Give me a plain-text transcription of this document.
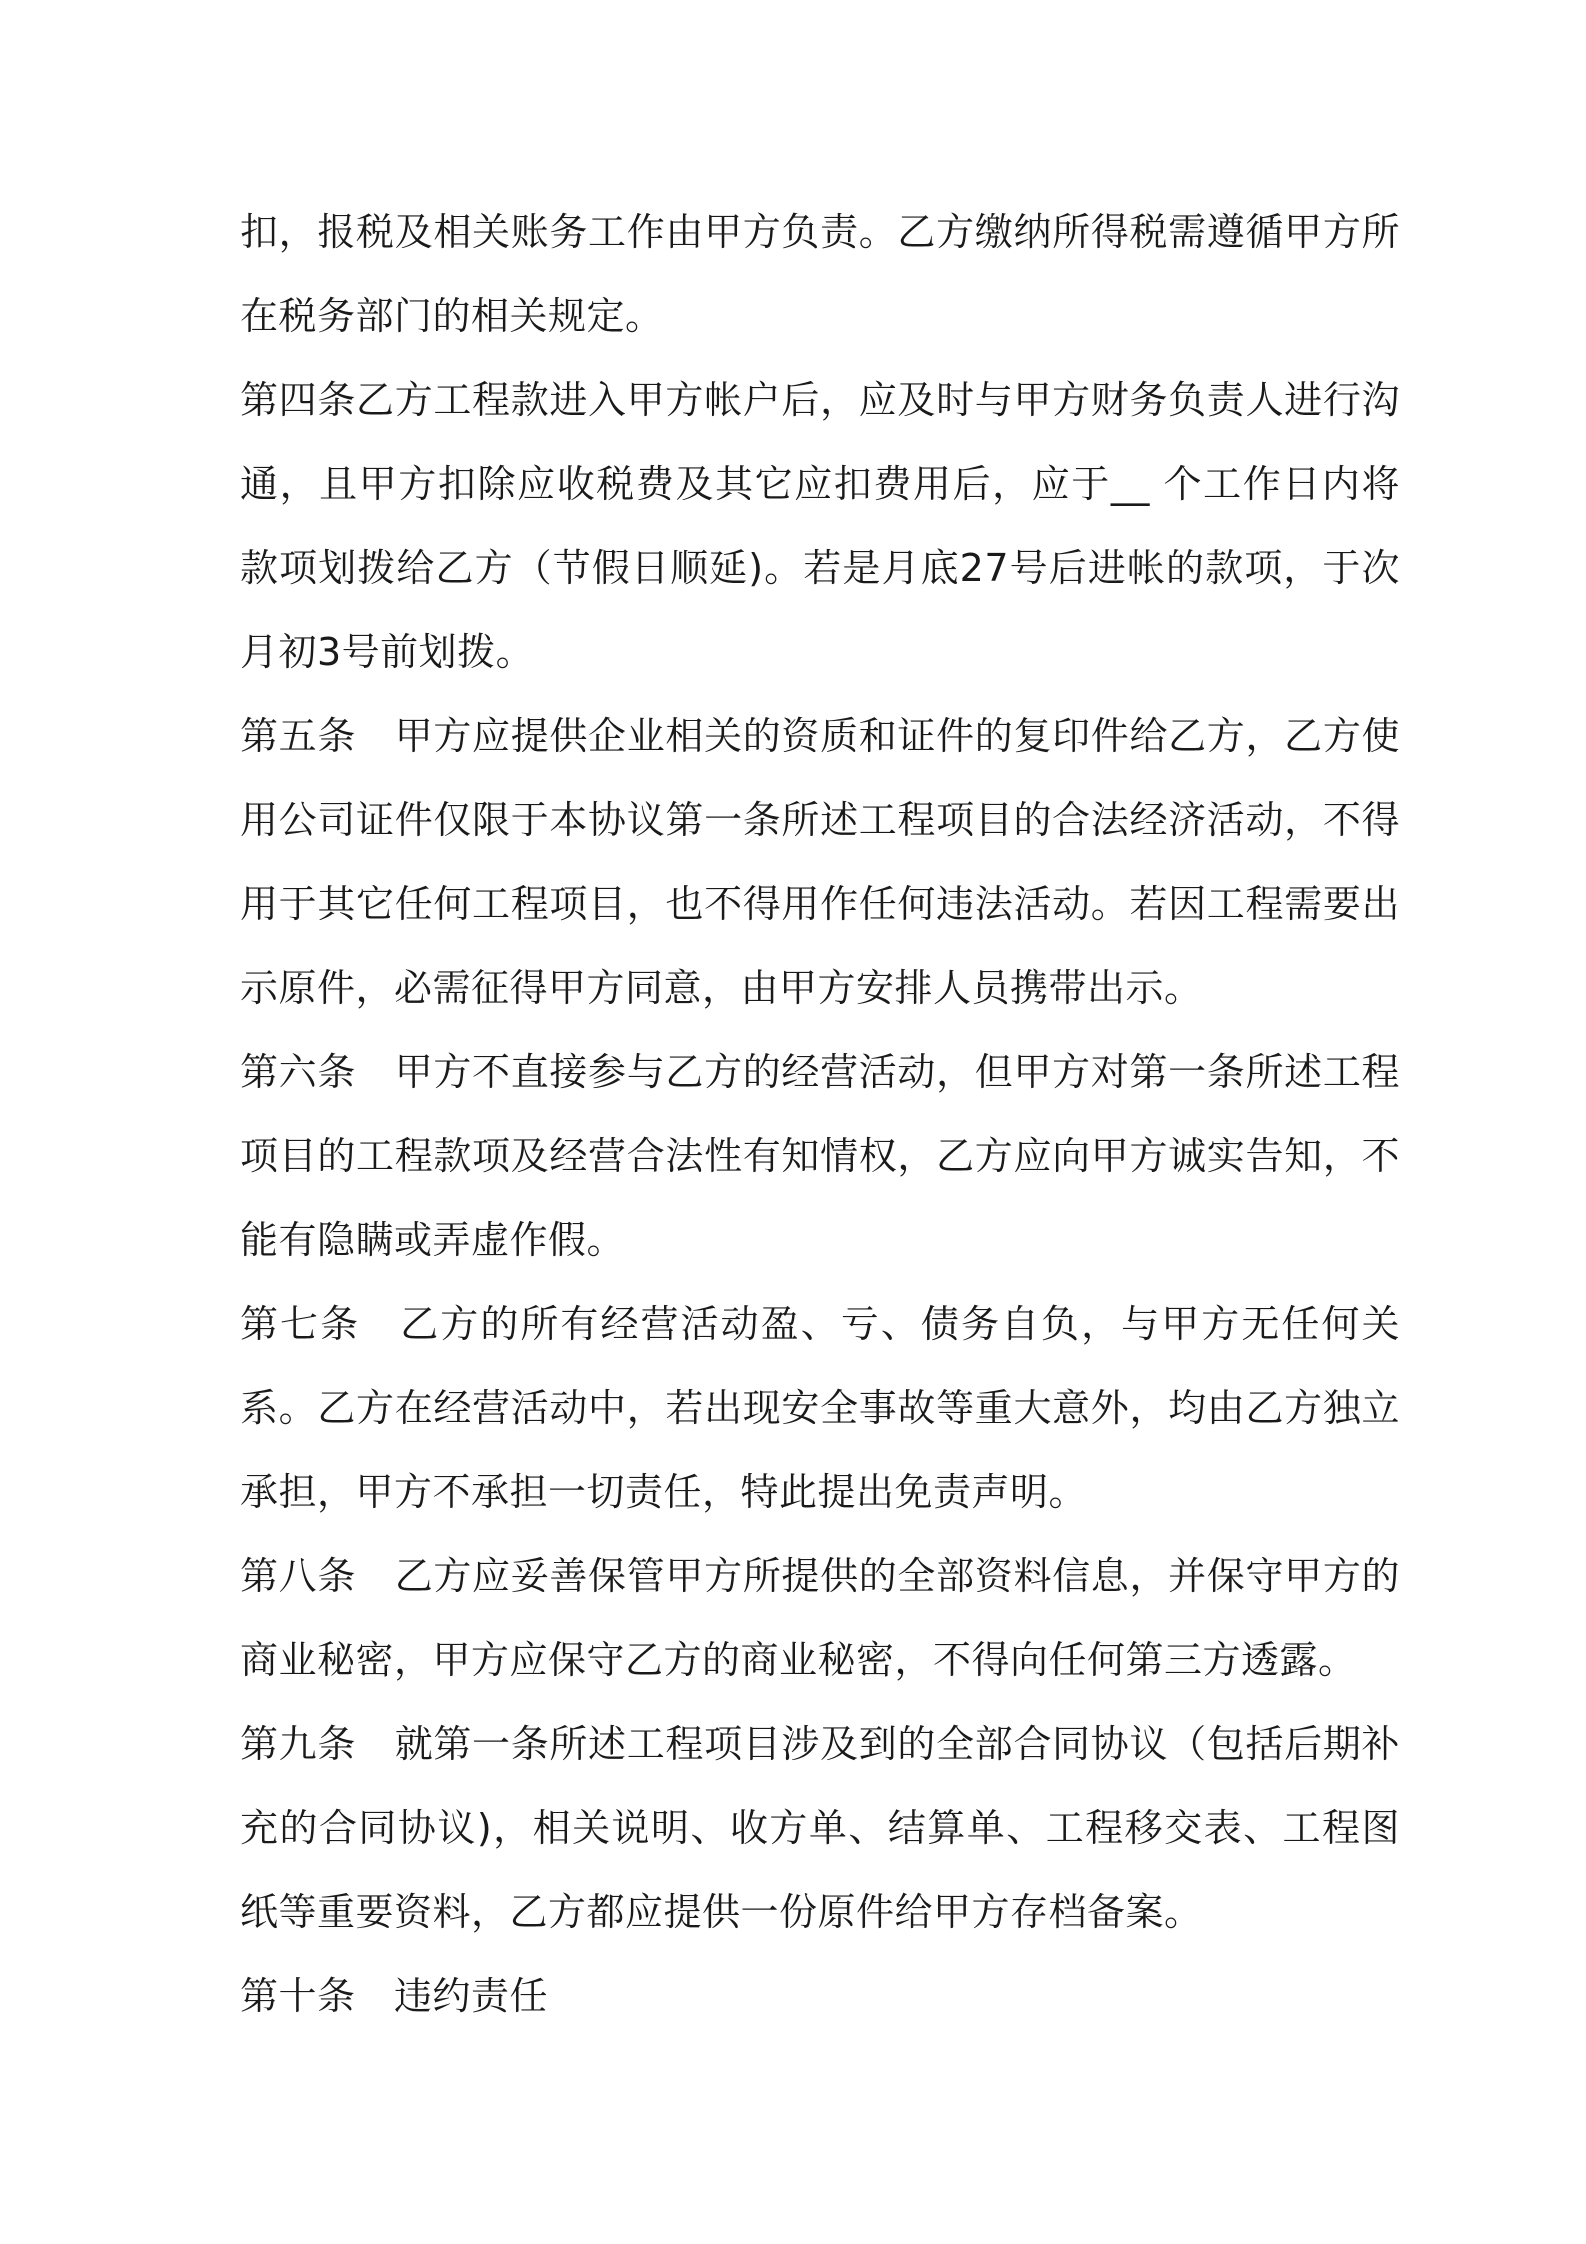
扣，报税及相关账务工作由甲方负责。乙方缴纳所得税需遵循甲方所在税务部门的相关规定。

第四条乙方工程款进入甲方帐户后，应及时与甲方财务负责人进行沟通，且甲方扣除应收税费及其它应扣费用后，应于__ 个工作日内将款项划拨给乙方（节假日顺延)。若是月底27号后进帐的款项，于次月初3号前划拨。

第五条　甲方应提供企业相关的资质和证件的复印件给乙方，乙方使用公司证件仅限于本协议第一条所述工程项目的合法经济活动，不得用于其它任何工程项目，也不得用作任何违法活动。若因工程需要出示原件，必需征得甲方同意，由甲方安排人员携带出示。

第六条　甲方不直接参与乙方的经营活动，但甲方对第一条所述工程项目的工程款项及经营合法性有知情权，乙方应向甲方诚实告知，不能有隐瞒或弄虚作假。

第七条　乙方的所有经营活动盈、亏、债务自负，与甲方无任何关系。乙方在经营活动中，若出现安全事故等重大意外，均由乙方独立承担，甲方不承担一切责任，特此提出免责声明。

第八条　乙方应妥善保管甲方所提供的全部资料信息，并保守甲方的商业秘密，甲方应保守乙方的商业秘密，不得向任何第三方透露。

第九条　就第一条所述工程项目涉及到的全部合同协议（包括后期补充的合同协议)，相关说明、收方单、结算单、工程移交表、工程图纸等重要资料，乙方都应提供一份原件给甲方存档备案。

第十条　违约责任
